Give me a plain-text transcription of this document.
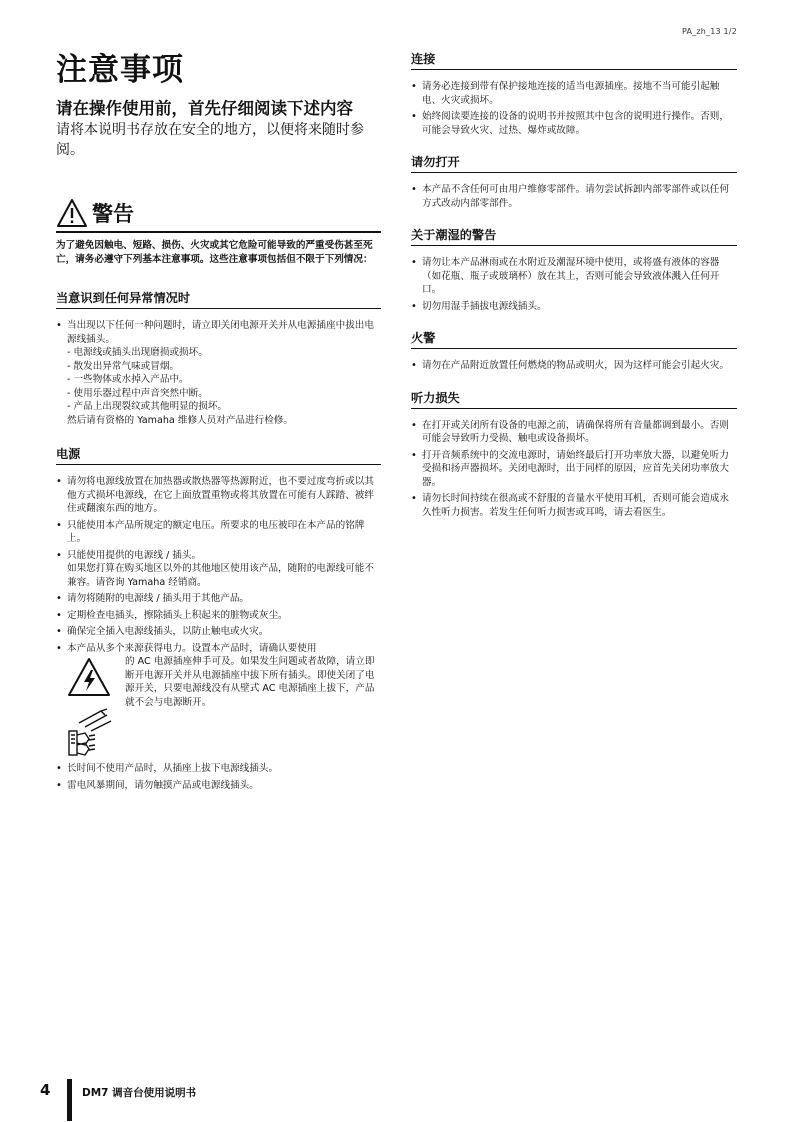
PA_zh_13 1/2
注意事项

请在操作使用前，首先仔细阅读下述内容

请将本说明书存放在安全的地方，以便将来随时参阅。

警告

为了避免因触电、短路、损伤、火灾或其它危险可能导致的严重受伤甚至死亡，请务必遵守下列基本注意事项。这些注意事项包括但不限于下列情况：

当意识到任何异常情况时
• 当出现以下任何一种问题时，请立即关闭电源开关并从电源插座中拔出电源线插头。
- 电源线或插头出现磨损或损坏。
- 散发出异常气味或冒烟。
- 一些物体或水掉入产品中。
- 使用乐器过程中声音突然中断。
- 产品上出现裂纹或其他明显的损坏。
然后请有资格的 Yamaha 维修人员对产品进行检修。
电源
• 请勿将电源线放置在加热器或散热器等热源附近，也不要过度弯折或以其他方式损坏电源线，在它上面放置重物或将其放置在可能有人踩踏、被绊住或翻滚东西的地方。
• 只能使用本产品所规定的额定电压。所要求的电压被印在本产品的铭牌上。
• 只能使用提供的电源线 / 插头。
如果您打算在购买地区以外的其他地区使用该产品，随附的电源线可能不兼容。请咨询 Yamaha 经销商。
• 请勿将随附的电源线 / 插头用于其他产品。
• 定期检查电插头，擦除插头上积起来的脏物或灰尘。
• 确保完全插入电源线插头，以防止触电或火灾。
• 本产品从多个来源获得电力。设置本产品时，请确认要使用
的 AC 电源插座伸手可及。如果发生问题或者故障，请立即断开电源开关并从电源插座中拔下所有插头。即使关闭了电源开关，只要电源线没有从壁式 AC 电源插座上拔下，产品就不会与电源断开。
• 长时间不使用产品时，从插座上拔下电源线插头。
• 雷电风暴期间，请勿触摸产品或电源线插头。
连接
• 请务必连接到带有保护接地连接的适当电源插座。接地不当可能引起触电、火灾或损坏。
• 始终阅读要连接的设备的说明书并按照其中包含的说明进行操作。否则，可能会导致火灾、过热、爆炸或故障。
请勿打开
• 本产品不含任何可由用户维修零部件。请勿尝试拆卸内部零部件或以任何方式改动内部零部件。
关于潮湿的警告
• 请勿让本产品淋雨或在水附近及潮湿环境中使用，或将盛有液体的容器 （如花瓶、瓶子或玻璃杯）放在其上，否则可能会导致液体溅入任何开口。
• 切勿用湿手插拔电源线插头。
火警
• 请勿在产品附近放置任何燃烧的物品或明火，因为这样可能会引起火灾。
听力损失
• 在打开或关闭所有设备的电源之前，请确保将所有音量都调到最小。否则可能会导致听力受损、触电或设备损坏。
• 打开音频系统中的交流电源时，请始终最后打开功率放大器，以避免听力受损和扬声器损坏。关闭电源时，出于同样的原因，应首先关闭功率放大器。
• 请勿长时间持续在很高或不舒服的音量水平使用耳机，否则可能会造成永久性听力损害。若发生任何听力损害或耳鸣，请去看医生。
4	DM7 调音台使用说明书
